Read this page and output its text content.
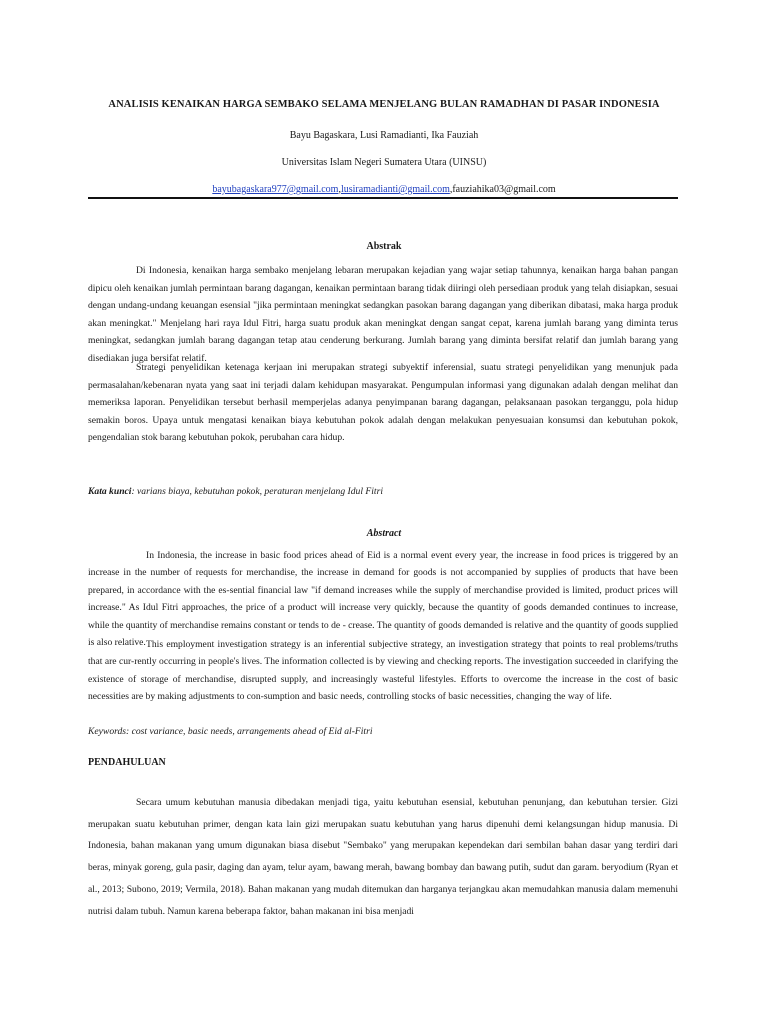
ANALISIS KENAIKAN HARGA SEMBAKO SELAMA MENJELANG BULAN RAMADHAN DI PASAR INDONESIA
Bayu Bagaskara, Lusi Ramadianti, Ika Fauziah
Universitas Islam Negeri Sumatera Utara (UINSU)
bayubagaskara977@gmail.com,lusiramadianti@gmail.com,fauziahika03@gmail.com
Abstrak

Di Indonesia, kenaikan harga sembako menjelang lebaran merupakan kejadian yang wajar setiap tahunnya, kenaikan harga bahan pangan dipicu oleh kenaikan jumlah permintaan barang dagangan, kenaikan permintaan barang tidak diiringi oleh persediaan produk yang telah disiapkan, sesuai dengan undang-undang keuangan esensial "jika permintaan meningkat sedangkan pasokan barang dagangan yang diberikan dibatasi, maka harga produk akan meningkat." Menjelang hari raya Idul Fitri, harga suatu produk akan meningkat dengan sangat cepat, karena jumlah barang yang diminta terus meningkat, sedangkan jumlah barang dagangan tetap atau cenderung berkurang. Jumlah barang yang diminta bersifat relatif dan jumlah barang yang disediakan juga bersifat relatif.

Strategi penyelidikan ketenaga kerjaan ini merupakan strategi subyektif inferensial, suatu strategi penyelidikan yang menunjuk pada permasalahan/kebenaran nyata yang saat ini terjadi dalam kehidupan masyarakat. Pengumpulan informasi yang digunakan adalah dengan melihat dan memeriksa laporan. Penyelidikan tersebut berhasil memperjelas adanya penyimpanan barang dagangan, pelaksanaan pasokan terganggu, pola hidup semakin boros. Upaya untuk mengatasi kenaikan biaya kebutuhan pokok adalah dengan melakukan penyesuaian konsumsi dan kebutuhan pokok, pengendalian stok barang kebutuhan pokok, perubahan cara hidup.

Kata kunci: varians biaya, kebutuhan pokok, peraturan menjelang Idul Fitri
Abstract

In Indonesia, the increase in basic food prices ahead of Eid is a normal event every year, the increase in food prices is triggered by an increase in the number of requests for merchandise, the increase in demand for goods is not accompanied by supplies of products that have been prepared, in accordance with the es-sential financial law "if demand increases while the supply of merchandise provided is limited, product prices will increase." As Idul Fitri approaches, the price of a product will increase very quickly, because the quantity of goods demanded continues to increase, while the quantity of merchandise remains constant or tends to de - crease. The quantity of goods demanded is relative and the quantity of goods supplied is also relative. This employment investigation strategy is an inferential subjective strategy, an investigation strategy that points to real problems/truths that are cur-rently occurring in people's lives. The information collected is by viewing and checking reports. The investigation succeeded in clarifying the existence of storage of merchandise, disrupted supply, and increasingly wasteful lifestyles. Efforts to overcome the increase in the cost of basic necessities are by making adjustments to con-sumption and basic needs, controlling stocks of basic necessities, changing the way of life.

Keywords: cost variance, basic needs, arrangements ahead of Eid al-Fitri
PENDAHULUAN

Secara umum kebutuhan manusia dibedakan menjadi tiga, yaitu kebutuhan esensial, kebutuhan penunjang, dan kebutuhan tersier. Gizi merupakan suatu kebutuhan primer, dengan kata lain gizi merupakan suatu kebutuhan yang harus dipenuhi demi kelangsungan hidup manusia. Di Indonesia, bahan makanan yang umum digunakan biasa disebut "Sembako" yang merupakan kependekan dari sembilan bahan dasar yang terdiri dari beras, minyak goreng, gula pasir, daging dan ayam, telur ayam, bawang merah, bawang bombay dan bawang putih, sudut dan garam. beryodium (Ryan et al., 2013; Subono, 2019; Vermila, 2018). Bahan makanan yang mudah ditemukan dan harganya terjangkau akan memudahkan manusia dalam memenuhi nutrisi dalam tubuh. Namun karena beberapa faktor, bahan makanan ini bisa menjadi
